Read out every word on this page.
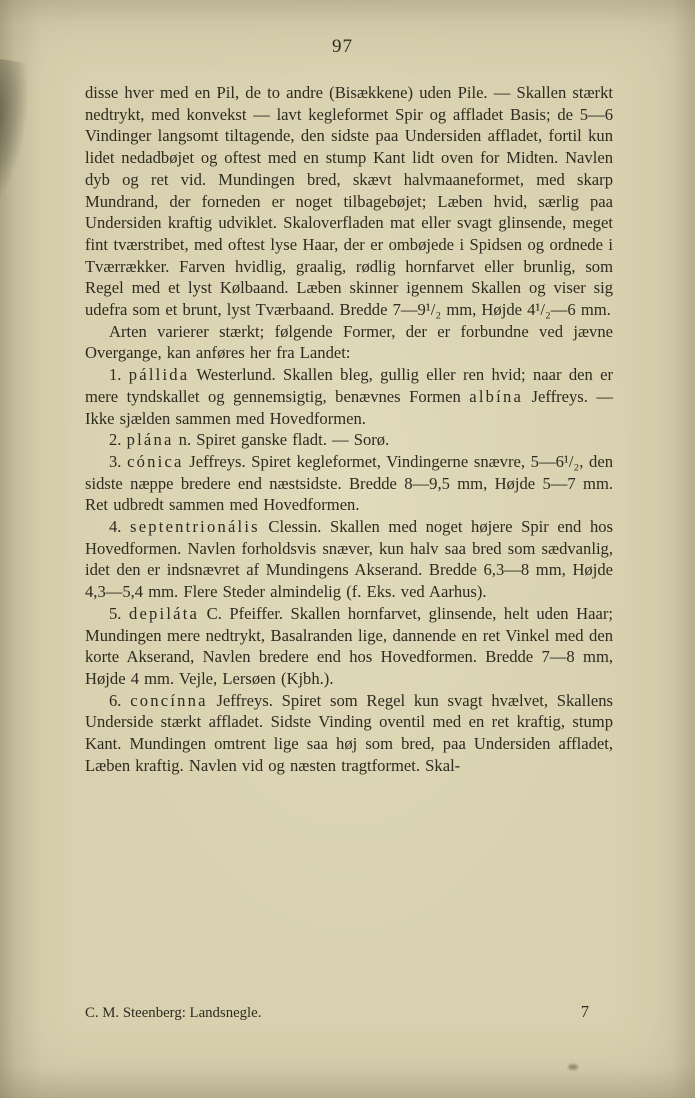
97

disse hver med en Pil, de to andre (Bisækkene) uden Pile. — Skallen stærkt nedtrykt, med konvekst — lavt kegleformet Spir og affladet Basis; de 5—6 Vindinger langsomt tiltagende, den sidste paa Undersiden affladet, fortil kun lidet nedadbøjet og oftest med en stump Kant lidt oven for Midten. Navlen dyb og ret vid. Mundingen bred, skævt halvmaaneformet, med skarp Mundrand, der forneden er noget tilbagebøjet; Læben hvid, særlig paa Undersiden kraftig udviklet. Skaloverfladen mat eller svagt glinsende, meget fint tværstribet, med oftest lyse Haar, der er ombøjede i Spidsen og ordnede i Tværrækker. Farven hvidlig, graalig, rødlig hornfarvet eller brunlig, som Regel med et lyst Kølbaand. Læben skinner igennem Skallen og viser sig udefra som et brunt, lyst Tværbaand. Bredde 7—9¹/₂ mm, Højde 4¹/₂—6 mm.

Arten varierer stærkt; følgende Former, der er forbundne ved jævne Overgange, kan anføres her fra Landet:

1. pállida Westerlund. Skallen bleg, gullig eller ren hvid; naar den er mere tyndskallet og gennemsigtig, benævnes Formen albína Jeffreys. — Ikke sjælden sammen med Hovedformen.

2. plána n. Spiret ganske fladt. — Sorø.

3. cónica Jeffreys. Spiret kegleformet, Vindingerne snævre, 5—6¹/₂, den sidste næppe bredere end næstsidste. Bredde 8—9,5 mm, Højde 5—7 mm. Ret udbredt sammen med Hovedformen.

4. septentrionális Clessin. Skallen med noget højere Spir end hos Hovedformen. Navlen forholdsvis snæver, kun halv saa bred som sædvanlig, idet den er indsnævret af Mundingens Akserand. Bredde 6,3—8 mm, Højde 4,3—5,4 mm. Flere Steder almindelig (f. Eks. ved Aarhus).

5. depiláta C. Pfeiffer. Skallen hornfarvet, glinsende, helt uden Haar; Mundingen mere nedtrykt, Basalranden lige, dannende en ret Vinkel med den korte Akserand, Navlen bredere end hos Hovedformen. Bredde 7—8 mm, Højde 4 mm. Vejle, Lersøen (Kjbh.).

6. concínna Jeffreys. Spiret som Regel kun svagt hvælvet, Skallens Underside stærkt affladet. Sidste Vinding oventil med en ret kraftig, stump Kant. Mundingen omtrent lige saa høj som bred, paa Undersiden affladet, Læben kraftig. Navlen vid og næsten tragtformet. Skal-

C. M. Steenberg: Landsnegle.	7
